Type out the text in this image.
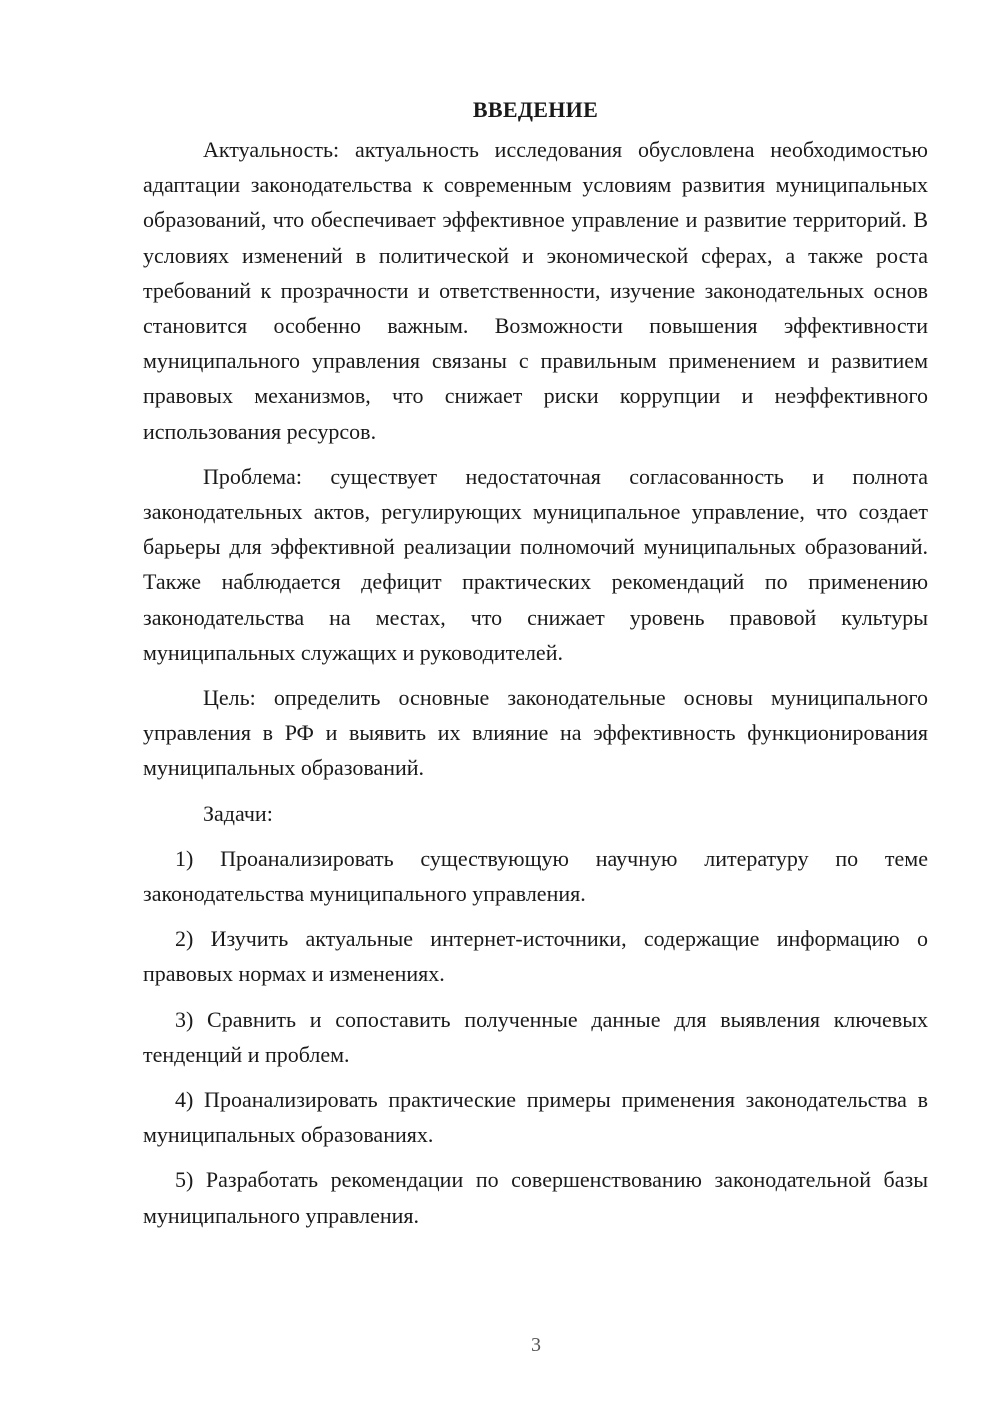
ВВЕДЕНИЕ

Актуальность: актуальность исследования обусловлена необходимостью адаптации законодательства к современным условиям развития муниципальных образований, что обеспечивает эффективное управление и развитие территорий. В условиях изменений в политической и экономической сферах, а также роста требований к прозрачности и ответственности, изучение законодательных основ становится особенно важным. Возможности повышения эффективности муниципального управления связаны с правильным применением и развитием правовых механизмов, что снижает риски коррупции и неэффективного использования ресурсов.

Проблема: существует недостаточная согласованность и полнота законодательных актов, регулирующих муниципальное управление, что создает барьеры для эффективной реализации полномочий муниципальных образований. Также наблюдается дефицит практических рекомендаций по применению законодательства на местах, что снижает уровень правовой культуры муниципальных служащих и руководителей.

Цель: определить основные законодательные основы муниципального управления в РФ и выявить их влияние на эффективность функционирования муниципальных образований.

Задачи:

1) Проанализировать существующую научную литературу по теме законодательства муниципального управления.

2) Изучить актуальные интернет-источники, содержащие информацию о правовых нормах и изменениях.

3) Сравнить и сопоставить полученные данные для выявления ключевых тенденций и проблем.

4) Проанализировать практические примеры применения законодательства в муниципальных образованиях.

5) Разработать рекомендации по совершенствованию законодательной базы муниципального управления.

3
